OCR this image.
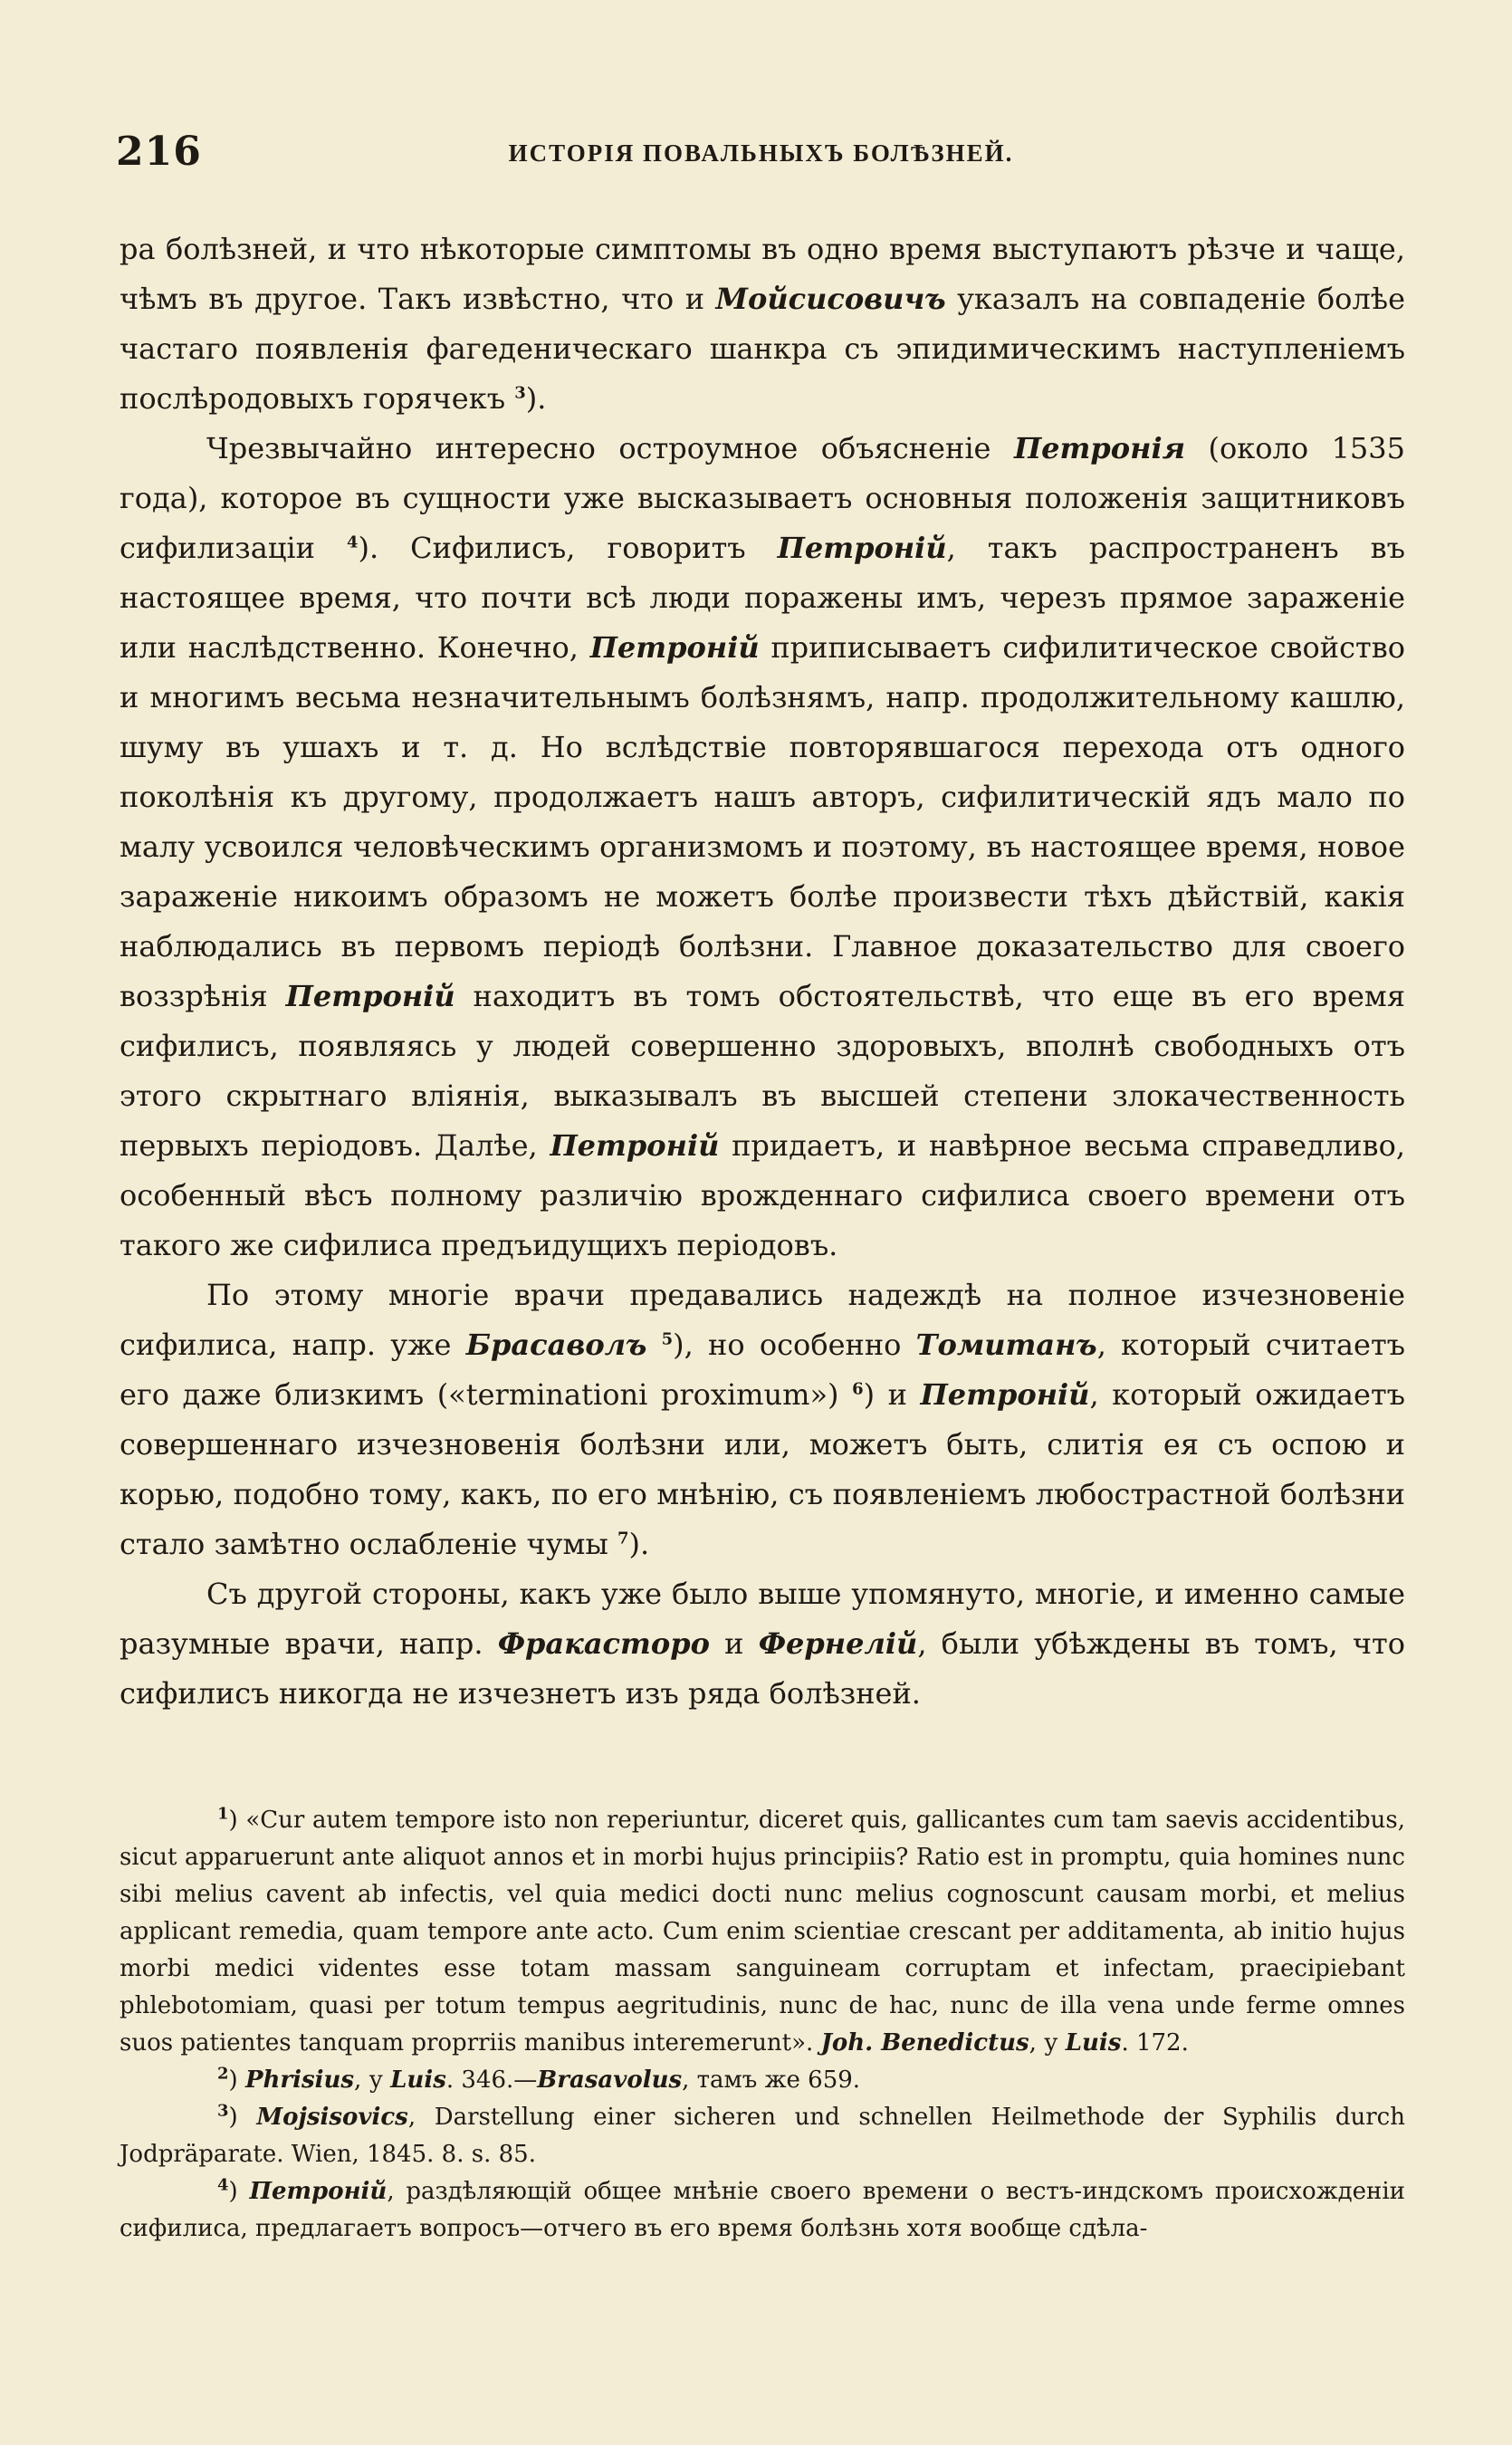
216	ИСТОРІЯ ПОВАЛЬНЫХЪ БОЛѢЗНЕЙ.

ра болѣзней, и что нѣкоторые симптомы въ одно время выступаютъ рѣзче и чаще, чѣмъ въ другое. Такъ извѣстно, что и Мойсисовичъ указалъ на совпаденіе болѣе частаго появленія фагеденическаго шанкра съ эпидимическимъ наступленіемъ послѣродовыхъ горячекъ $^3$).

Чрезвычайно интересно остроумное объясненіе Петронія (около 1535 года), которое въ сущности уже высказываетъ основныя положенія защитниковъ сифилизаціи $^4$). Сифилисъ, говоритъ Петроній, такъ распространенъ въ настоящее время, что почти всѣ люди поражены имъ, черезъ прямое зараженіе или наслѣдственно. Конечно, Петроній приписываетъ сифилитическое свойство и многимъ весьма незначительнымъ болѣзнямъ, напр. продолжительному кашлю, шуму въ ушахъ и т. д. Но вслѣдствіе повторявшагося перехода отъ одного поколѣнія къ другому, продолжаетъ нашъ авторъ, сифилитическій ядъ мало по малу усвоился человѣческимъ организмомъ и поэтому, въ настоящее время, новое зараженіе никоимъ образомъ не можетъ болѣе произвести тѣхъ дѣйствій, какія наблюдались въ первомъ періодѣ болѣзни. Главное доказательство для своего воззрѣнія Петроній находитъ въ томъ обстоятельствѣ, что еще въ его время сифилисъ, появляясь у людей совершенно здоровыхъ, вполнѣ свободныхъ отъ этого скрытнаго вліянія, выказывалъ въ высшей степени злокачественность первыхъ періодовъ. Далѣе, Петроній придаетъ, и навѣрное весьма справедливо, особенный вѣсъ полному различію врожденнаго сифилиса своего времени отъ такого же сифилиса предъидущихъ періодовъ.

По этому многіе врачи предавались надеждѣ на полное изчезновеніе сифилиса, напр. уже Брасаволъ $^5$), но особенно Томитанъ, который считаетъ его даже близкимъ («terminationi proximum») $^6$) и Петроній, который ожидаетъ совершеннаго изчезновенія болѣзни или, можетъ быть, слитія ея съ оспою и корью, подобно тому, какъ, по его мнѣнію, съ появленіемъ любострастной болѣзни стало замѣтно ослабленіе чумы $^7$).

Съ другой стороны, какъ уже было выше упомянуто, многіе, и именно самые разумные врачи, напр. Фракасторо и Фернелій, были убѣждены въ томъ, что сифилисъ никогда не изчезнетъ изъ ряда болѣзней.

$^1$) «Cur autem tempore isto non reperiuntur, diceret quis, gallicantes cum tam saevis accidentibus, sicut apparuerunt ante aliquot annos et in morbi hujus principiis? Ratio est in promptu, quia homines nunc sibi melius cavent ab infectis, vel quia medici docti nunc melius cognoscunt causam morbi, et melius applicant remedia, quam tempore ante acto. Cum enim scientiae crescant per additamenta, ab initio hujus morbi medici videntes esse totam massam sanguineam corruptam et infectam, praecipiebant phlebotomiam, quasi per totum tempus aegritudinis, nunc de hac, nunc de illa vena unde ferme omnes suos patientes tanquam proprriis manibus interemerunt». Joh. Benedictus, у Luis. 172.

$^2$) Phrisius, у Luis. 346.—Brasavolus, тамъ же 659.

$^3$) Mojsisovics, Darstellung einer sicheren und schnellen Heilmethode der Syphilis durch Jodpräparate. Wien, 1845. 8. s. 85.

$^4$) Петроній, раздѣляющій общее мнѣніе своего времени о вестъ-индскомъ происхожденіи сифилиса, предлагаетъ вопросъ—отчего въ его время болѣзнь хотя вообще сдѣла-
